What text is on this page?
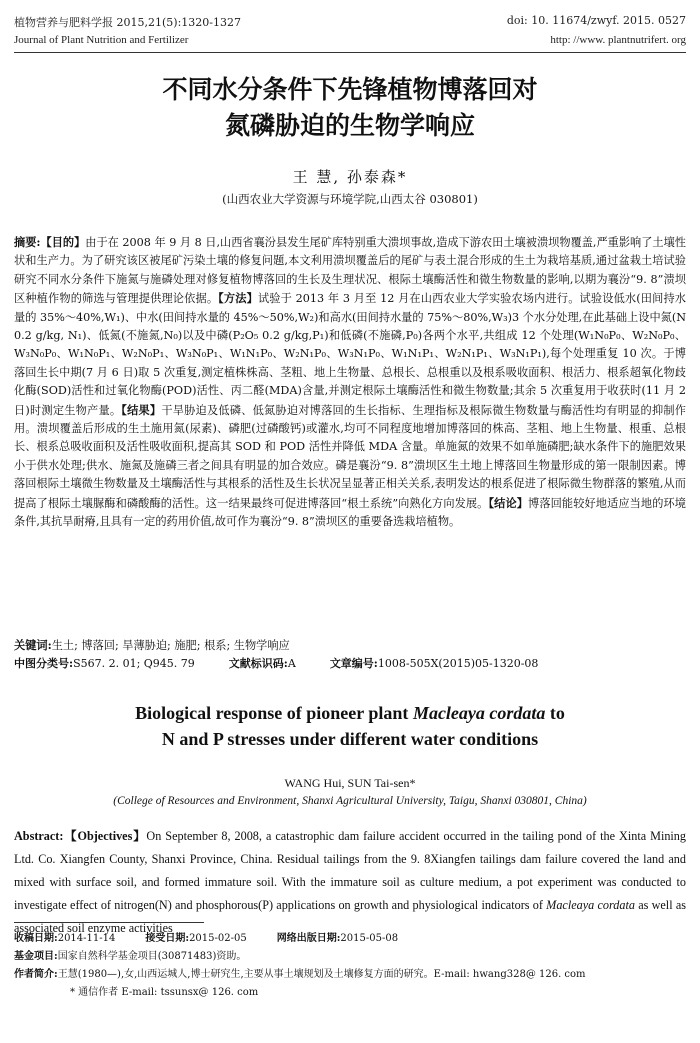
植物营养与肥料学报 2015,21(5):1320-1327	doi: 10. 11674/zwyf. 2015. 0527
Journal of Plant Nutrition and Fertilizer	http: //www. plantnutrifert. org
不同水分条件下先锋植物博落回对
氮磷胁迫的生物学响应
王 慧, 孙泰森*
(山西农业大学资源与环境学院,山西太谷 030801)
摘要:【目的】由于在 2008 年 9 月 8 日,山西省襄汾县发生尾矿库特别重大溃坝事故,造成下游农田土壤被溃坝物覆盖,严重影响了土壤性状和生产力。为了研究该区被尾矿污染土壤的修复问题,本文利用溃坝覆盖后的尾矿与表土混合形成的生土为栽培基质,通过盆栽土培试验研究不同水分条件下施氮与施磷处理对修复植物博落回的生长及生理状况、根际土壤酶活性和微生物数量的影响,以期为襄汾“9. 8”溃坝区种植作物的筛选与管理提供理论依据。【方法】试验于 2013 年 3 月至 12 月在山西农业大学实验农场内进行。试验设低水(田间持水量的 35%～40%,W₁)、中水(田间持水量的 45%～50%,W₂)和高水(田间持水量的 75%～80%,W₃)3 个水分处理,在此基础上设中氮(N 0.2 g/kg, N₁)、低氮(不施氮,N₀)以及中磷(P₂O₅ 0.2 g/kg,P₁)和低磷(不施磷,P₀)各两个水平,共组成 12 个处理(W₁N₀P₀、W₂N₀P₀、W₃N₀P₀、W₁N₀P₁、W₂N₀P₁、W₃N₀P₁、W₁N₁P₀、W₂N₁P₀、W₃N₁P₀、W₁N₁P₁、W₂N₁P₁、W₃N₁P₁),每个处理重复 10 次。于博落回生长中期(7 月 6 日)取 5 次重复,测定植株株高、茎粗、地上生物量、总根长、总根重以及根系吸收面积、根活力、根系超氧化物歧化酶(SOD)活性和过氧化物酶(POD)活性、丙二醛(MDA)含量,并测定根际土壤酶活性和微生物数量;其余 5 次重复用于收获时(11 月 2 日)时测定生物产量。【结果】干旱胁迫及低磷、低氮胁迫对博落回的生长指标、生理指标及根际微生物数量与酶活性均有明显的抑制作用。溃坝覆盖后形成的生土施用氮(尿素)、磷肥(过磷酸钙)或灌水,均可不同程度地增加博落回的株高、茎粗、地上生物量、根重、总根长、根系总吸收面积及活性吸收面积,提高其 SOD 和 POD 活性并降低 MDA 含量。单施氮的效果不如单施磷肥;缺水条件下的施肥效果小于供水处理;供水、施氮及施磷三者之间具有明显的加合效应。磷是襄汾“9. 8”溃坝区生土地上博落回生物量形成的第一限制因素。博落回根际土壤微生物数量及土壤酶活性与其根系的活性及生长状况呈显著正相关关系,表明发达的根系促进了根际微生物群落的繁殖,从而提高了根际土壤脲酶和磷酸酶的活性。这一结果最终可促进博落回“根土系统”向熟化方向发展。【结论】博落回能较好地适应当地的环境条件,其抗旱耐瘠,且具有一定的药用价值,故可作为襄汾“9. 8”溃坝区的重要备选栽培植物。
关键词:生土; 博落回; 旱薄胁迫; 施肥; 根系; 生物学响应
中图分类号:S567. 2. 01; Q945. 79	文献标识码:A	文章编号:1008-505X(2015)05-1320-08
Biological response of pioneer plant Macleaya cordata to
N and P stresses under different water conditions
WANG Hui, SUN Tai-sen*
(College of Resources and Environment, Shanxi Agricultural University, Taigu, Shanxi 030801, China)
Abstract:【Objectives】On September 8, 2008, a catastrophic dam failure accident occurred in the tailing pond of the Xinta Mining Ltd. Co. Xiangfen County, Shanxi Province, China. Residual tailings from the 9. 8Xiangfen tailings dam failure covered the land and mixed with surface soil, and formed immature soil. With the immature soil as culture medium, a pot experiment was conducted to investigate effect of nitrogen(N) and phosphorous(P) applications on growth and physiological indicators of Macleaya cordata as well as associated soil enzyme activities
收稿日期:2014-11-14	接受日期:2015-02-05	网络出版日期:2015-05-08
基金项目:国家自然科学基金项目(30871483)资助。
作者简介:王慧(1980—),女,山西运城人,博士研究生,主要从事土壤规划及土壤修复方面的研究。E-mail: hwang328@ 126. com
* 通信作者 E-mail: tssunsx@ 126. com
